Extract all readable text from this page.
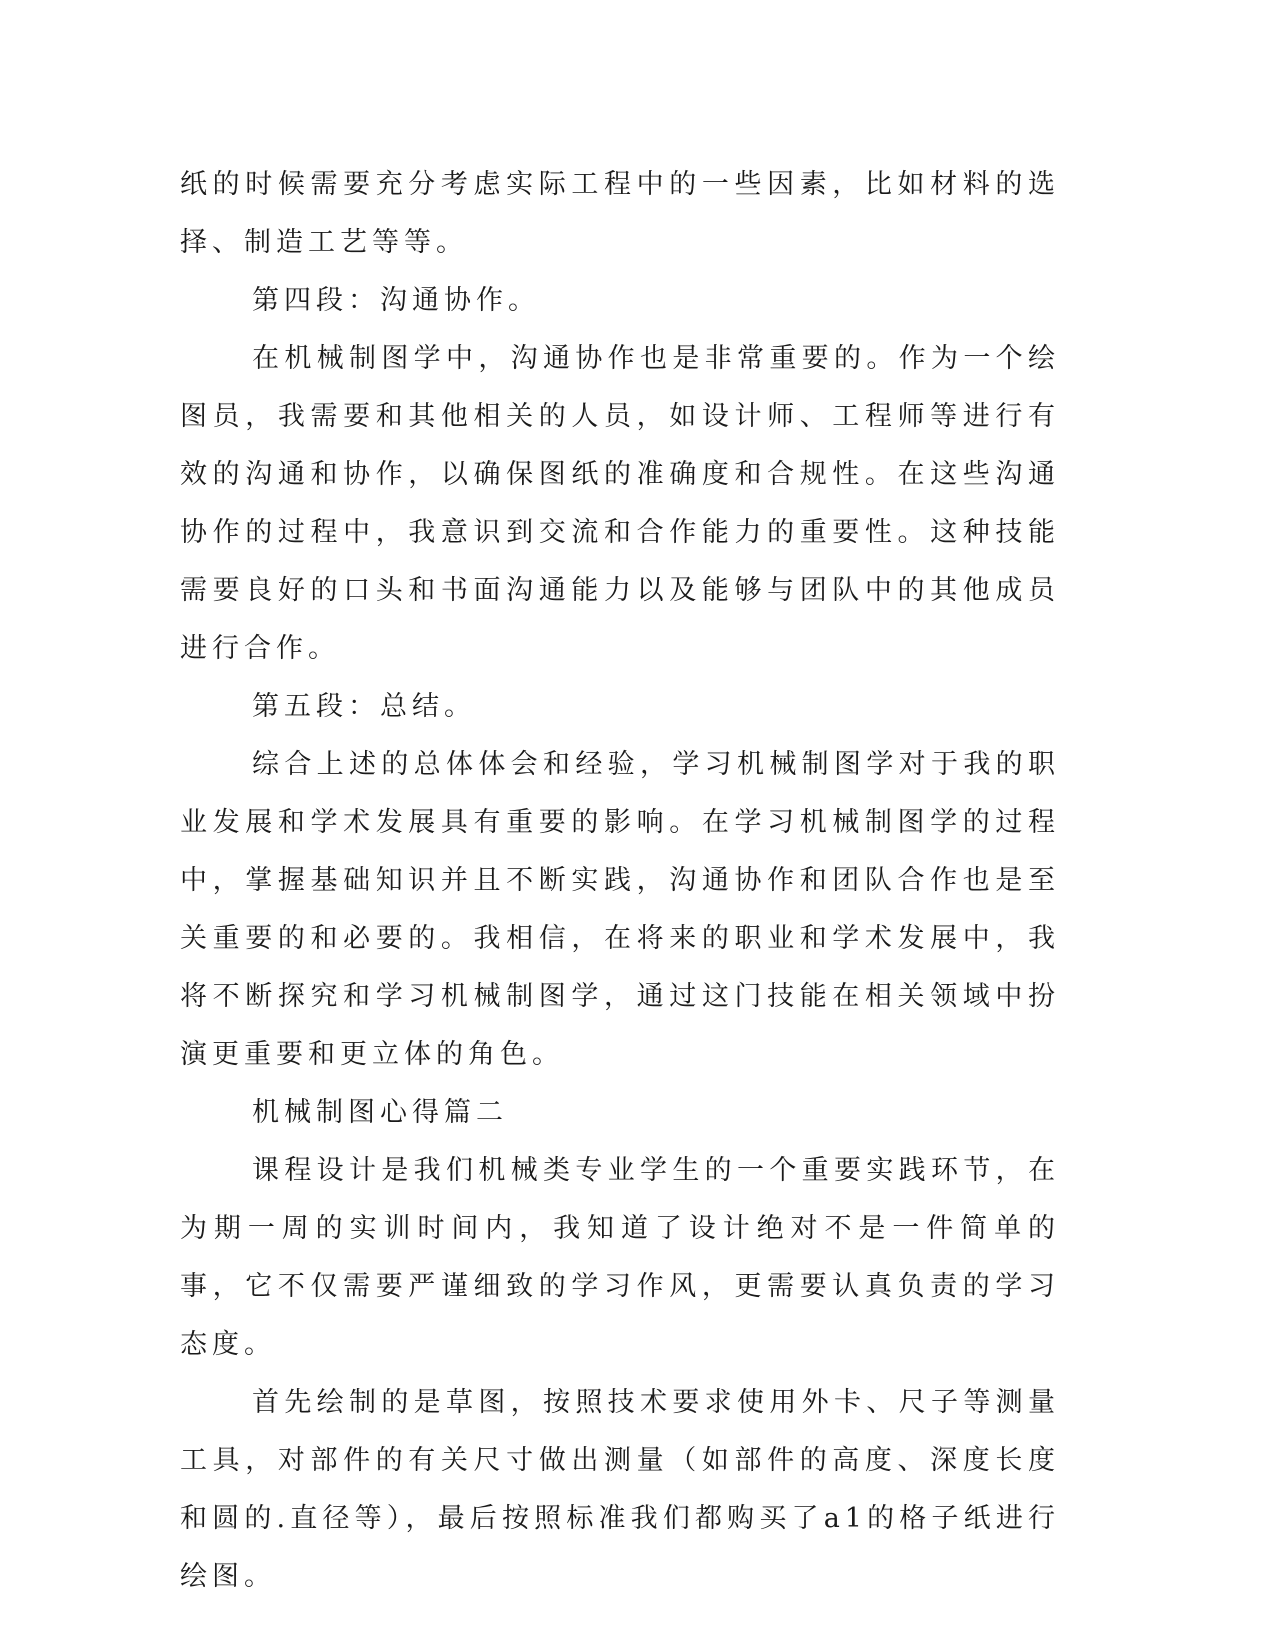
纸的时候需要充分考虑实际工程中的一些因素，比如材料的选择、制造工艺等等。

第四段：沟通协作。

在机械制图学中，沟通协作也是非常重要的。作为一个绘图员，我需要和其他相关的人员，如设计师、工程师等进行有效的沟通和协作，以确保图纸的准确度和合规性。在这些沟通协作的过程中，我意识到交流和合作能力的重要性。这种技能需要良好的口头和书面沟通能力以及能够与团队中的其他成员进行合作。

第五段：总结。

综合上述的总体体会和经验，学习机械制图学对于我的职业发展和学术发展具有重要的影响。在学习机械制图学的过程中，掌握基础知识并且不断实践，沟通协作和团队合作也是至关重要的和必要的。我相信，在将来的职业和学术发展中，我将不断探究和学习机械制图学，通过这门技能在相关领域中扮演更重要和更立体的角色。

机械制图心得篇二

课程设计是我们机械类专业学生的一个重要实践环节，在为期一周的实训时间内，我知道了设计绝对不是一件简单的事，它不仅需要严谨细致的学习作风，更需要认真负责的学习态度。

首先绘制的是草图，按照技术要求使用外卡、尺子等测量工具，对部件的有关尺寸做出测量（如部件的高度、深度长度和圆的.直径等），最后按照标准我们都购买了a1的格子纸进行绘图。
